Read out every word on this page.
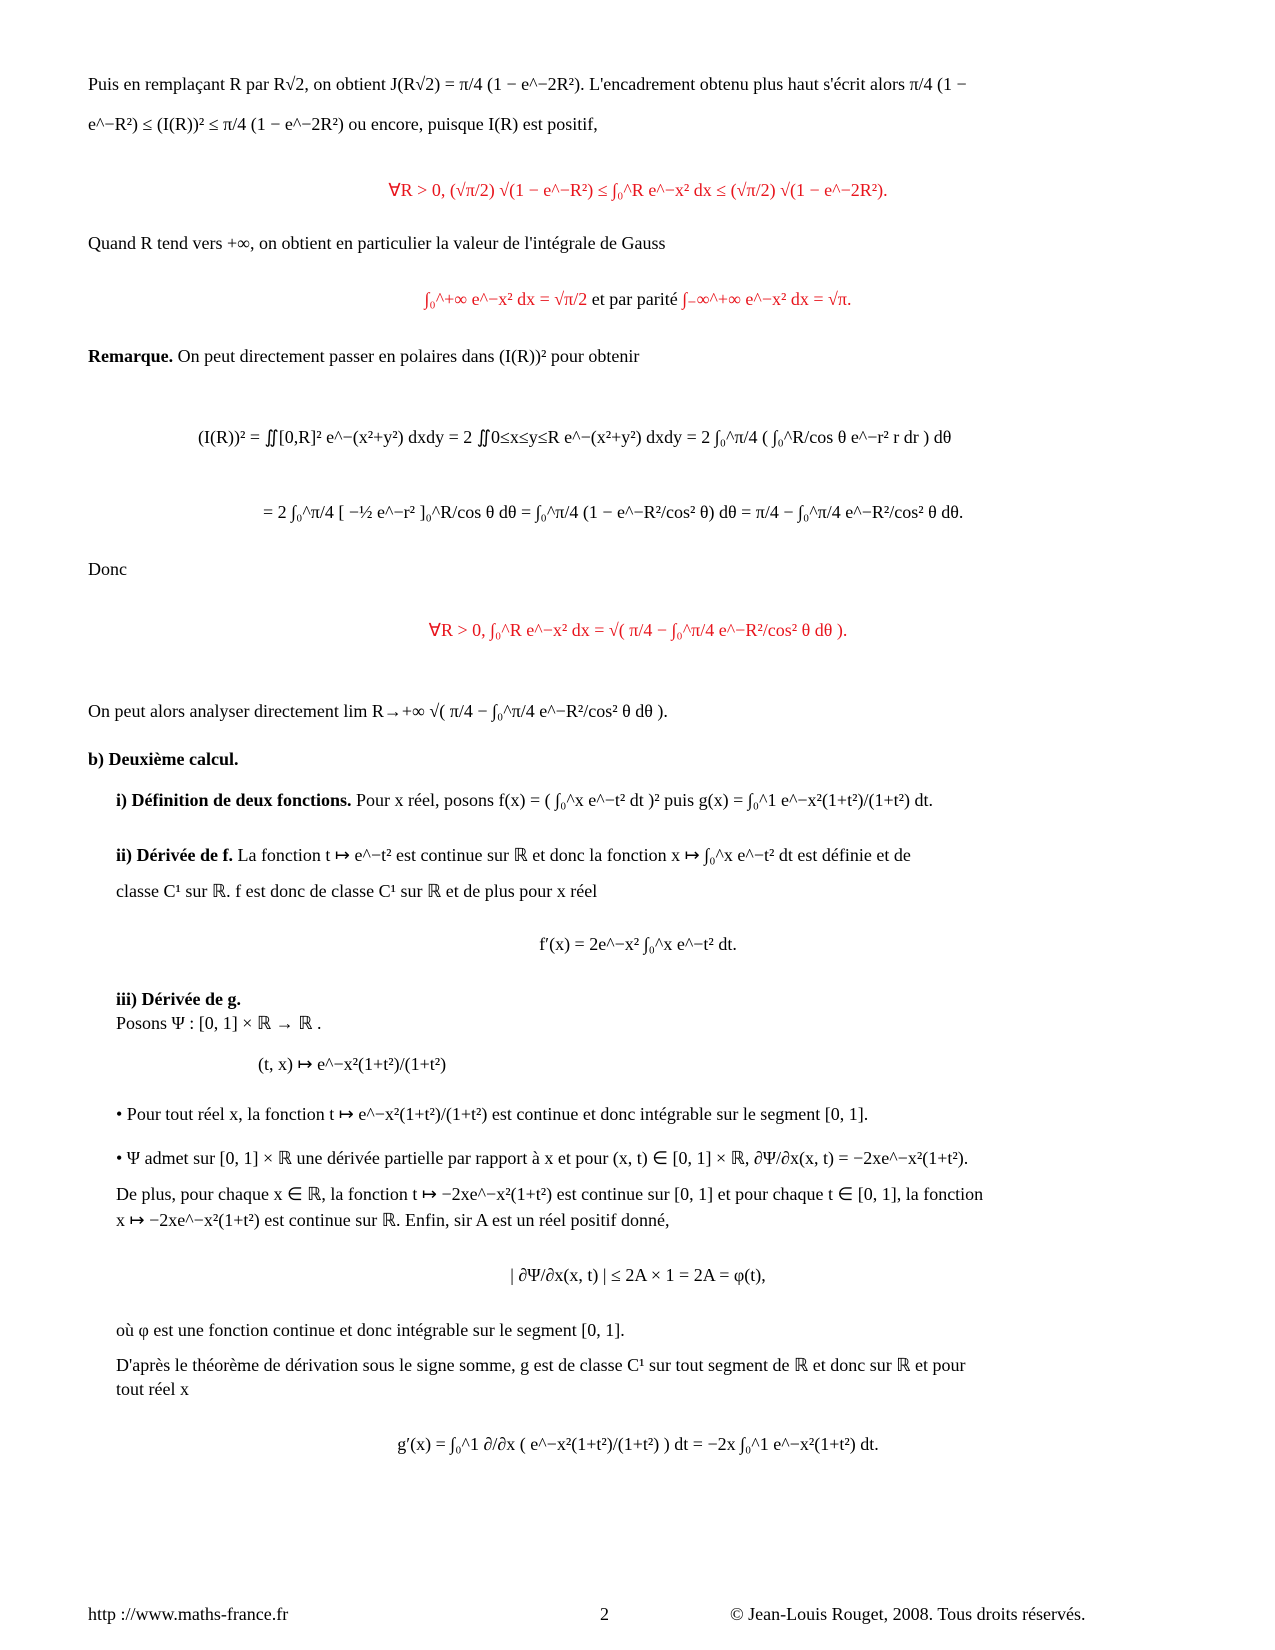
Puis en remplaçant R par R√2, on obtient J(R√2) = π/4 (1 − e^−2R²). L'encadrement obtenu plus haut s'écrit alors π/4 (1 −
e^−R²) ≤ (I(R))² ≤ π/4 (1 − e^−2R²) ou encore, puisque I(R) est positif,
∀R > 0, (√π/2) √(1 − e^−R²) ≤ ∫₀^R e^−x² dx ≤ (√π/2) √(1 − e^−2R²).
Quand R tend vers +∞, on obtient en particulier la valeur de l'intégrale de Gauss
∫₀^+∞ e^−x² dx = √π/2 et par parité ∫₋∞^+∞ e^−x² dx = √π.
Remarque. On peut directement passer en polaires dans (I(R))² pour obtenir
(I(R))² = ∬[0,R]² e^−(x²+y²) dxdy = 2 ∬0≤x≤y≤R e^−(x²+y²) dxdy = 2 ∫₀^π/4 ( ∫₀^R/cos θ e^−r² r dr ) dθ
= 2 ∫₀^π/4 [ −½ e^−r² ]₀^R/cos θ dθ = ∫₀^π/4 (1 − e^−R²/cos² θ) dθ = π/4 − ∫₀^π/4 e^−R²/cos² θ dθ.
Donc
∀R > 0, ∫₀^R e^−x² dx = √( π/4 − ∫₀^π/4 e^−R²/cos² θ dθ ).
On peut alors analyser directement lim R→+∞ √( π/4 − ∫₀^π/4 e^−R²/cos² θ dθ ).
b) Deuxième calcul.
i) Définition de deux fonctions. Pour x réel, posons f(x) = ( ∫₀^x e^−t² dt )² puis g(x) = ∫₀^1 e^−x²(1+t²)/(1+t²) dt.
ii) Dérivée de f. La fonction t ↦ e^−t² est continue sur ℝ et donc la fonction x ↦ ∫₀^x e^−t² dt est définie et de
classe C¹ sur ℝ. f est donc de classe C¹ sur ℝ et de plus pour x réel
f′(x) = 2e^−x² ∫₀^x e^−t² dt.
iii) Dérivée de g.
Posons Ψ : [0, 1] × ℝ → ℝ .
(t, x) ↦ e^−x²(1+t²)/(1+t²)
• Pour tout réel x, la fonction t ↦ e^−x²(1+t²)/(1+t²) est continue et donc intégrable sur le segment [0, 1].
• Ψ admet sur [0, 1] × ℝ une dérivée partielle par rapport à x et pour (x, t) ∈ [0, 1] × ℝ, ∂Ψ/∂x(x, t) = −2xe^−x²(1+t²).
De plus, pour chaque x ∈ ℝ, la fonction t ↦ −2xe^−x²(1+t²) est continue sur [0, 1] et pour chaque t ∈ [0, 1], la fonction
x ↦ −2xe^−x²(1+t²) est continue sur ℝ. Enfin, sir A est un réel positif donné,
| ∂Ψ/∂x(x, t) | ≤ 2A × 1 = 2A = φ(t),
où φ est une fonction continue et donc intégrable sur le segment [0, 1].
D'après le théorème de dérivation sous le signe somme, g est de classe C¹ sur tout segment de ℝ et donc sur ℝ et pour
tout réel x
g′(x) = ∫₀^1 ∂/∂x ( e^−x²(1+t²)/(1+t²) ) dt = −2x ∫₀^1 e^−x²(1+t²) dt.
http ://www.maths-france.fr	2	© Jean-Louis Rouget, 2008. Tous droits réservés.
